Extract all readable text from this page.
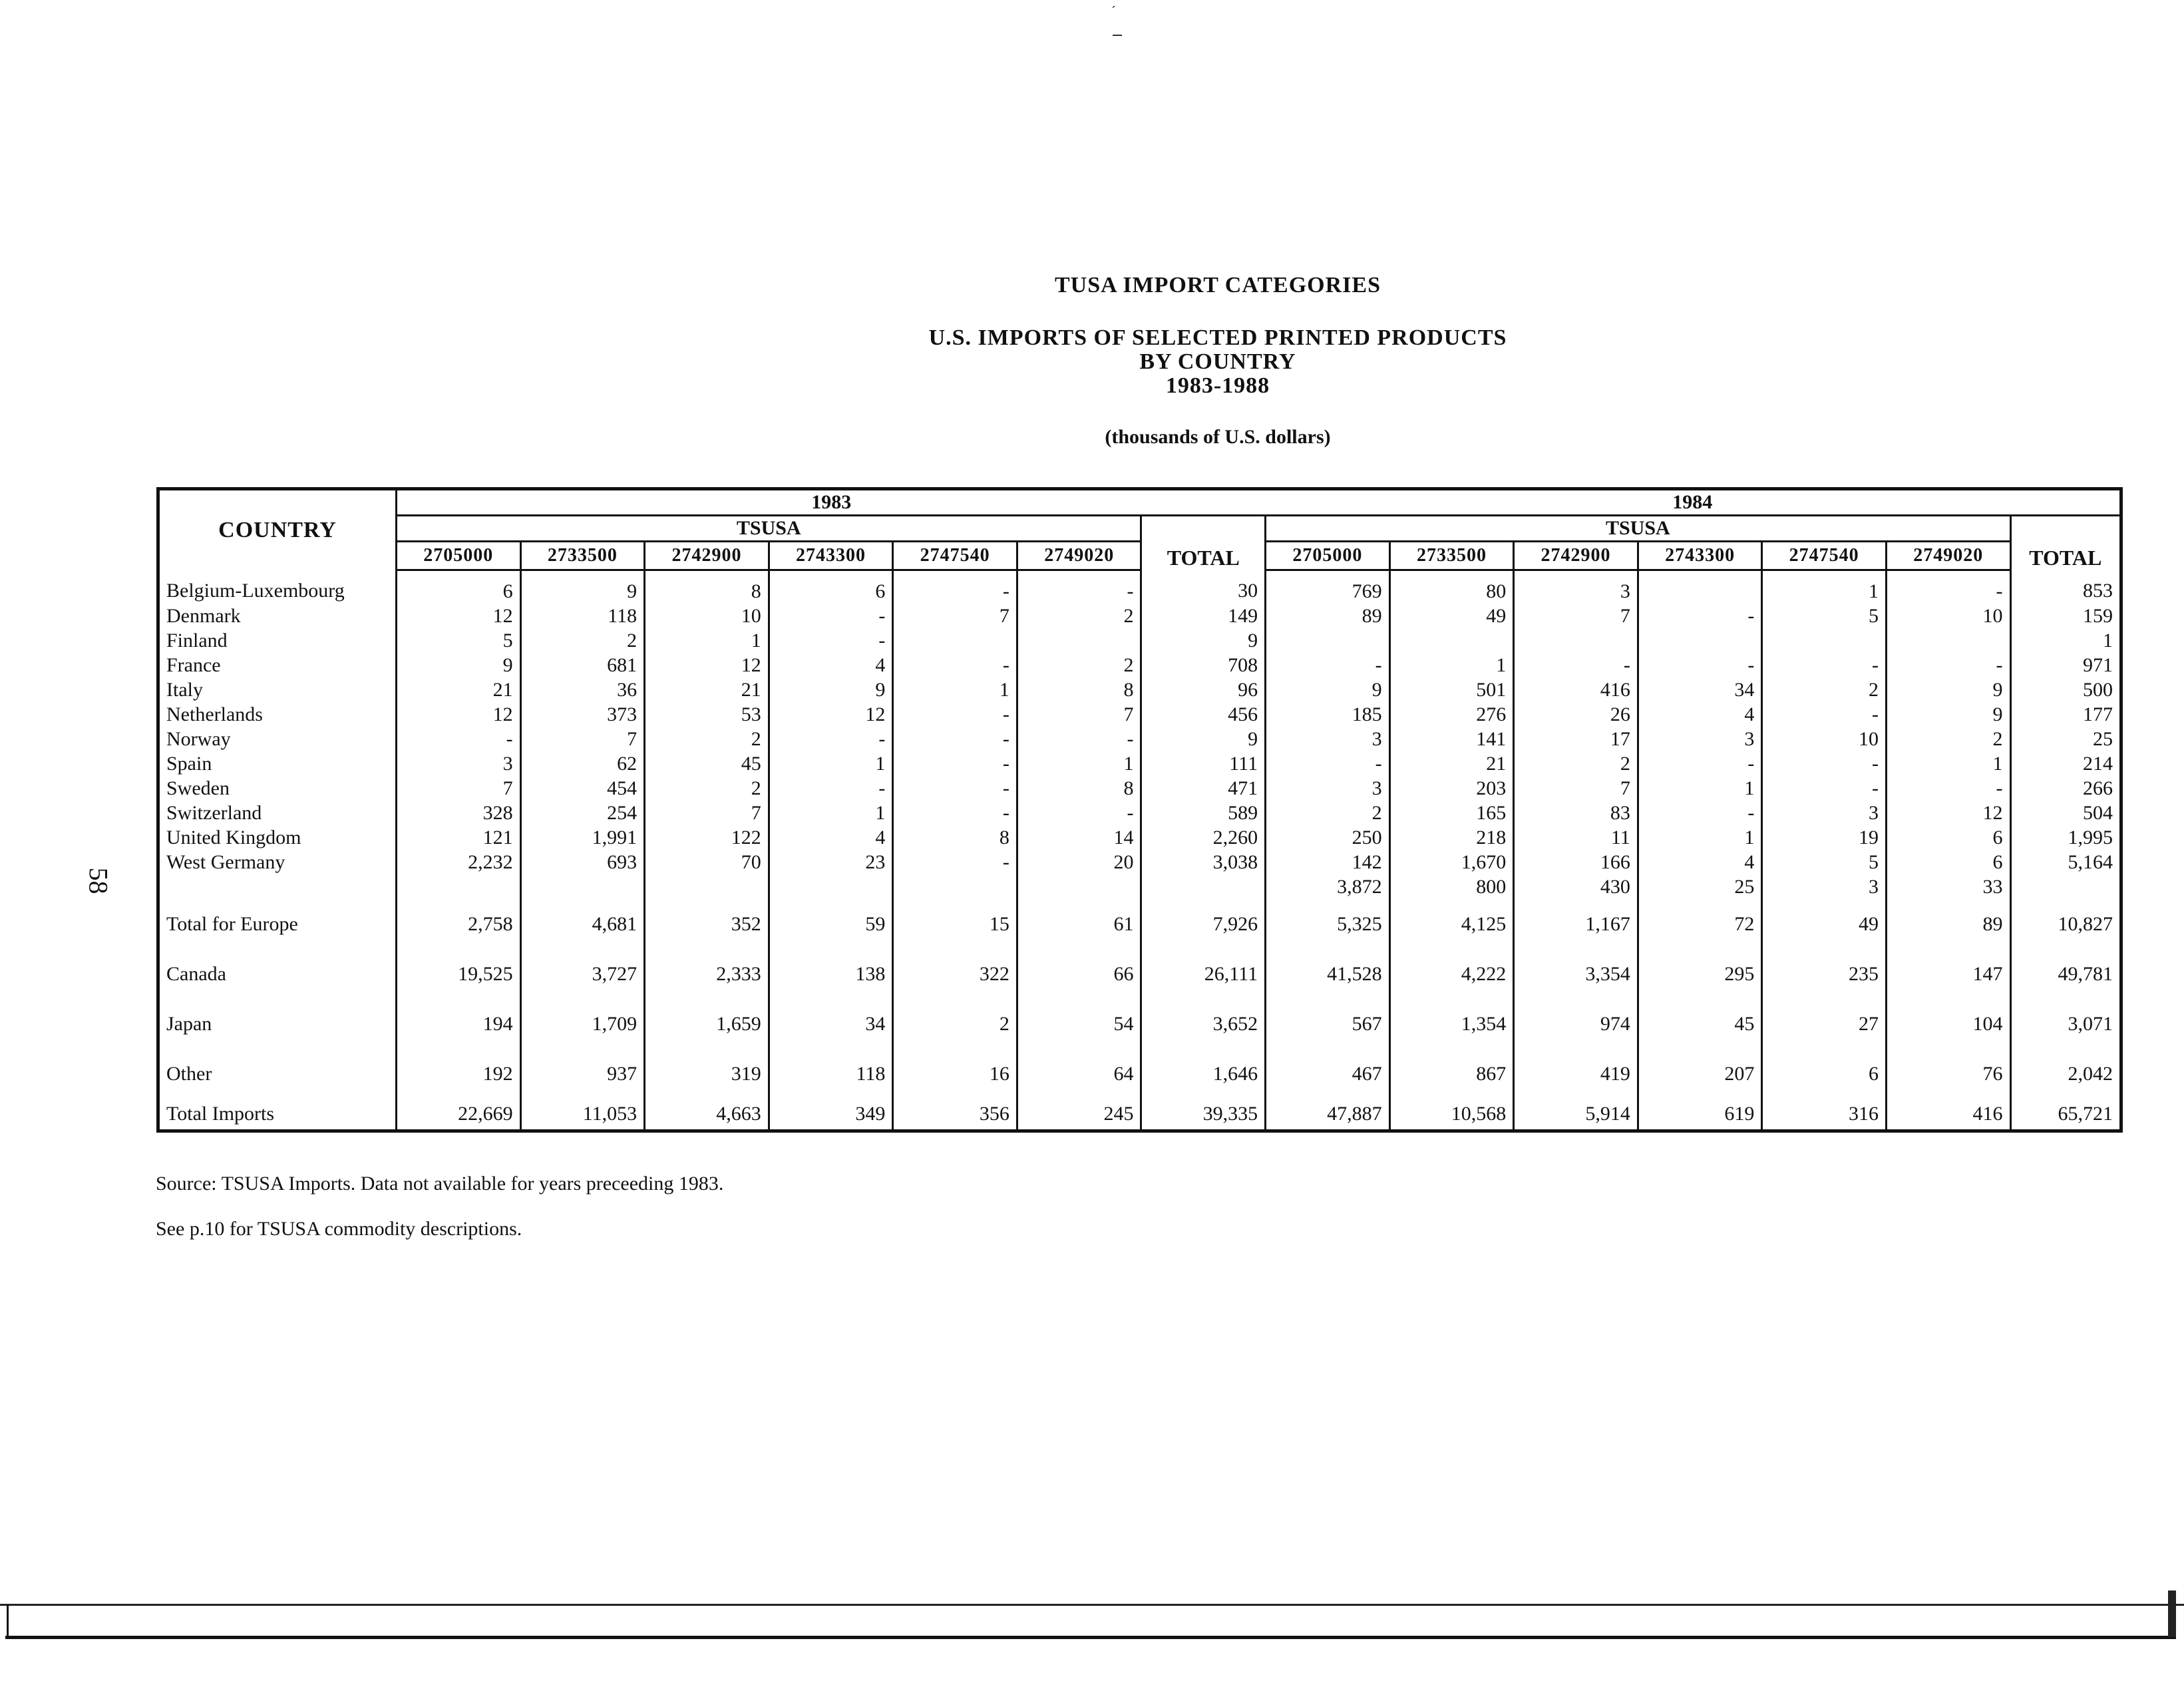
´
TUSA IMPORT CATEGORIES
U.S. IMPORTS OF SELECTED PRINTED PRODUCTS
BY COUNTRY
1983-1988
(thousands of U.S. dollars)
58
COUNTRY	1983							1984						
	TSUSA						TOTAL	TSUSA						TOTAL
	2705000	2733500	2742900	2743300	2747540	2749020		2705000	2733500	2742900	2743300	2747540	2749020	
Belgium-Luxembourg	6	9	8	6	-	-	30	769	80	3		1	-	853
Denmark	12	118	10	-	7	2	149	89	49	7	-	5	10	159
Finland	5	2	1	-			9							1
France	9	681	12	4	-	2	708	-	1	-	-	-	-	971
Italy	21	36	21	9	1	8	96	9	501	416	34	2	9	500
Netherlands	12	373	53	12	-	7	456	185	276	26	4	-	9	177
Norway	-	7	2	-	-	-	9	3	141	17	3	10	2	25
Spain	3	62	45	1	-	1	111	-	21	2	-	-	1	214
Sweden	7	454	2	-	-	8	471	3	203	7	1	-	-	266
Switzerland	328	254	7	1	-	-	589	2	165	83	-	3	12	504
United Kingdom	121	1,991	122	4	8	14	2,260	250	218	11	1	19	6	1,995
West Germany	2,232	693	70	23	-	20	3,038	142	1,670	166	4	5	6	5,164
								3,872	800	430	25	3	33	
Total for Europe	2,758	4,681	352	59	15	61	7,926	5,325	4,125	1,167	72	49	89	10,827
Canada	19,525	3,727	2,333	138	322	66	26,111	41,528	4,222	3,354	295	235	147	49,781
Japan	194	1,709	1,659	34	2	54	3,652	567	1,354	974	45	27	104	3,071
Other	192	937	319	118	16	64	1,646	467	867	419	207	6	76	2,042
Total Imports	22,669	11,053	4,663	349	356	245	39,335	47,887	10,568	5,914	619	316	416	65,721
Source: TSUSA Imports. Data not available for years preceeding 1983.
See p.10 for TSUSA commodity descriptions.
